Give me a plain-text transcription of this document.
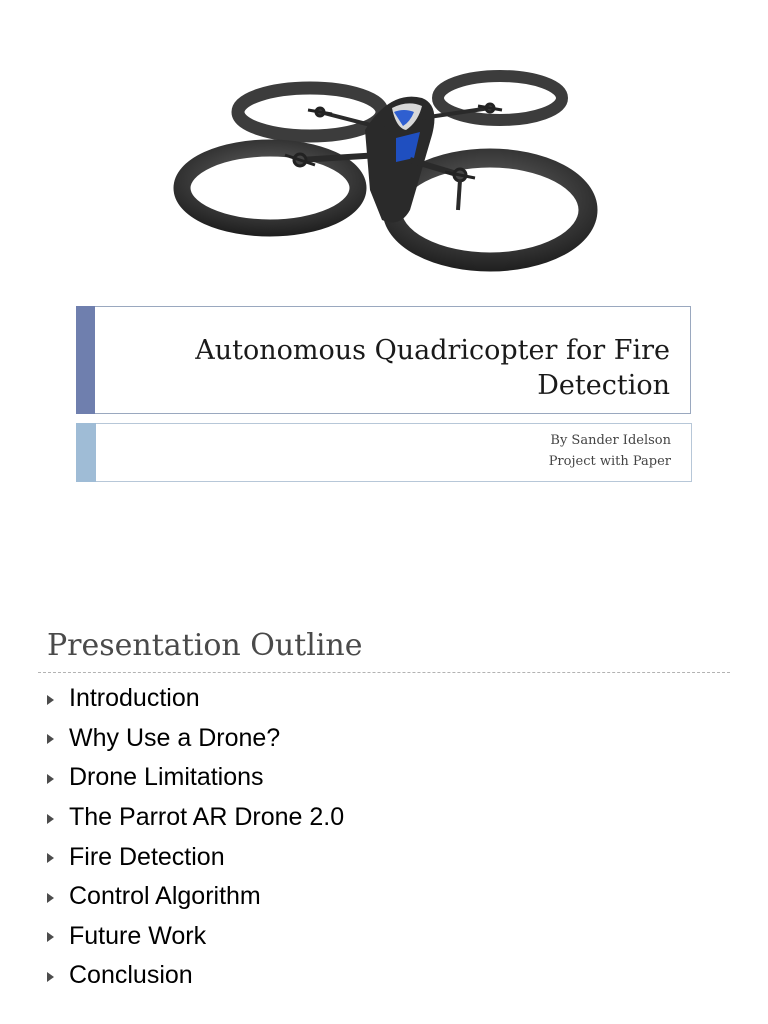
Autonomous Quadricopter for Fire Detection
By Sander Idelson
Project with Paper
Presentation Outline
Introduction
Why Use a Drone?
Drone Limitations
The Parrot AR Drone 2.0
Fire Detection
Control Algorithm
Future Work
Conclusion
